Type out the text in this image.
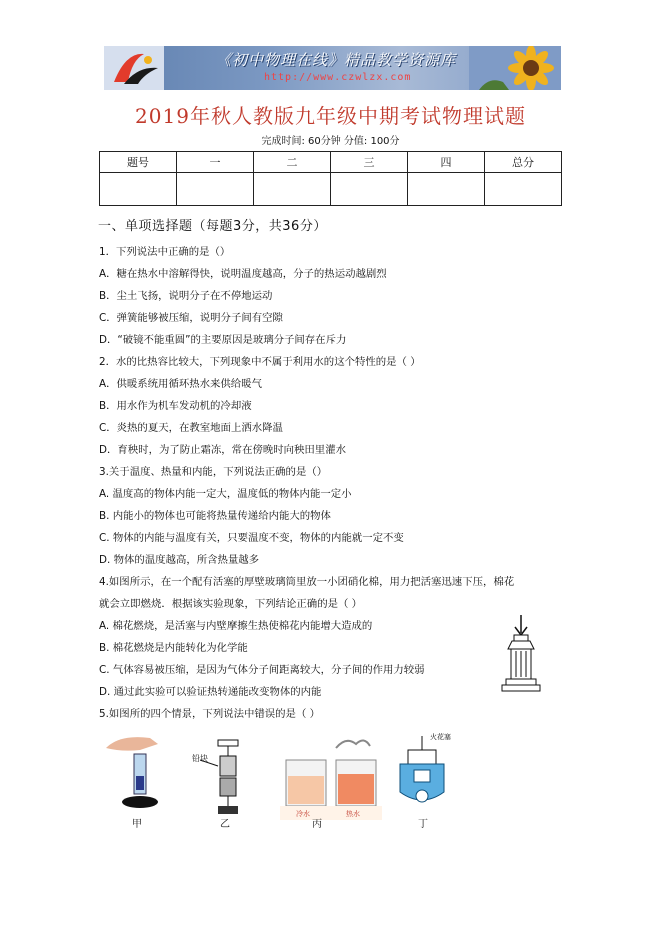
《初中物理在线》精品教学资源库
http://www.czwlzx.com
2019年秋人教版九年级中期考试物理试题
完成时间: 60分钟 分值: 100分
题号	一	二	三	四	总分

一、单项选择题（每题3分，共36分）
1．下列说法中正确的是（）
A．糖在热水中溶解得快，说明温度越高，分子的热运动越剧烈
B．尘土飞扬，说明分子在不停地运动
C．弹簧能够被压缩，说明分子间有空隙
D．“破镜不能重圆”的主要原因是玻璃分子间存在斥力
2．水的比热容比较大，下列现象中不属于利用水的这个特性的是（ ）
A．供暖系统用循环热水来供给暖气
B．用水作为机车发动机的冷却液
C．炎热的夏天，在教室地面上洒水降温
D．育秧时，为了防止霜冻，常在傍晚时向秧田里灌水
3.关于温度、热量和内能，下列说法正确的是（）
A. 温度高的物体内能一定大，温度低的物体内能一定小
B. 内能小的物体也可能将热量传递给内能大的物体
C. 物体的内能与温度有关，只要温度不变，物体的内能就一定不变
D. 物体的温度越高，所含热量越多
4.如图所示，在一个配有活塞的厚壁玻璃筒里放一小团硝化棉，用力把活塞迅速下压，棉花
就会立即燃烧．根据该实验现象，下列结论正确的是（ ）
A. 棉花燃烧，是活塞与内壁摩擦生热使棉花内能增大造成的
B. 棉花燃烧是内能转化为化学能
C. 气体容易被压缩，是因为气体分子间距离较大，分子间的作用力较弱
D. 通过此实验可以验证热转递能改变物体的内能
5.如图所的四个情景，下列说法中错误的是（ ）
铅块
冷水	热水
火花塞
甲	乙	丙	丁
